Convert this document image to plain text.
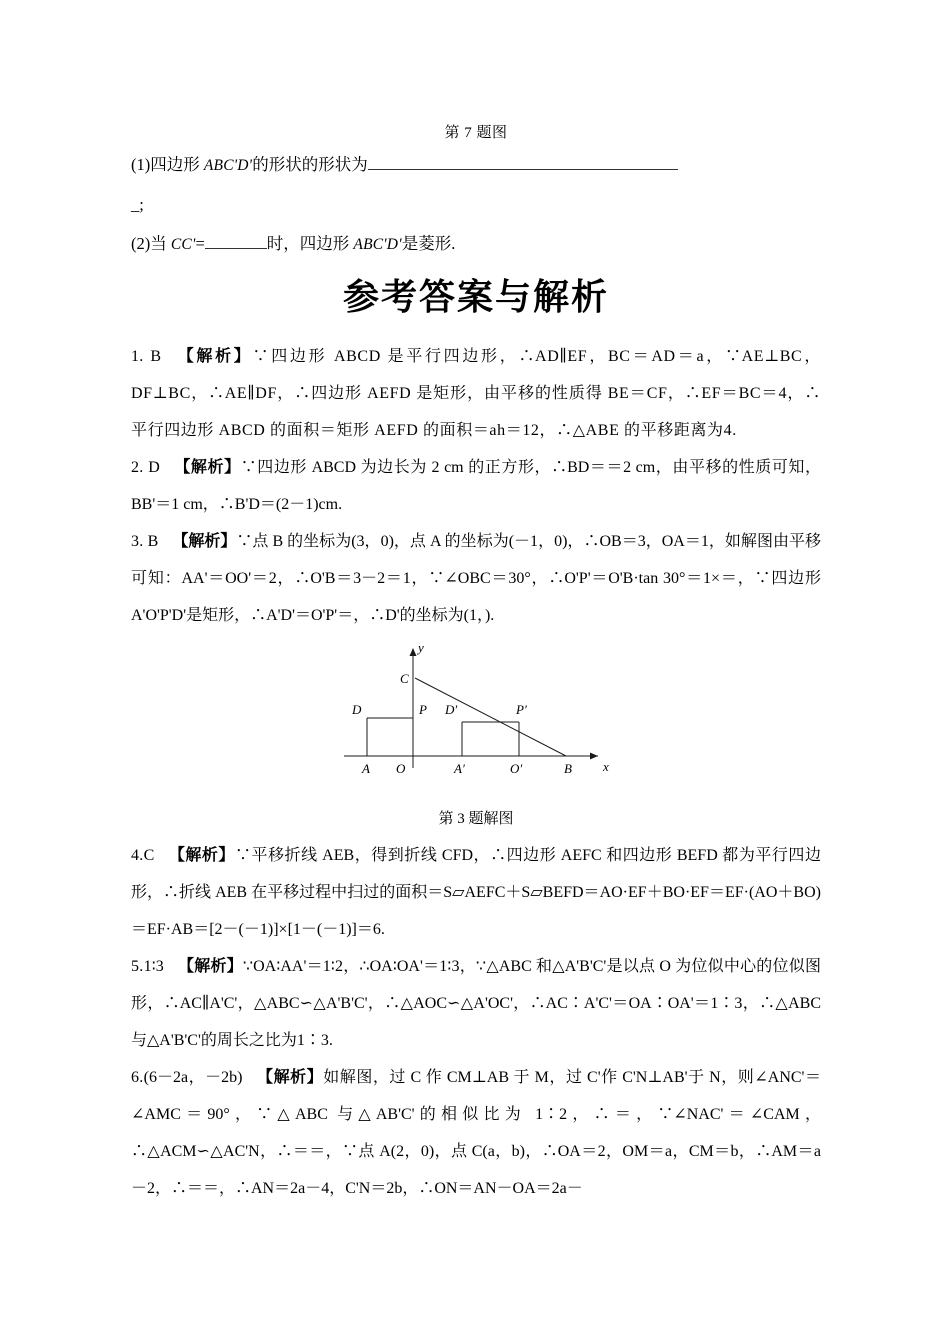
第 7 题图
(1)四边形 ABC'D'的形状的形状为
_;
(2)当 CC'=	时，四边形 ABC'D'是菱形.
参考答案与解析

1. B 【解析】∵四边形 ABCD 是平行四边形，∴AD∥EF，BC＝AD＝a，∵AE⊥BC，DF⊥BC，∴AE∥DF，∴四边形 AEFD 是矩形，由平移的性质得 BE＝CF，∴EF＝BC＝4，∴平行四边形 ABCD 的面积＝矩形 AEFD 的面积＝ah＝12，∴△ABE 的平移距离为4.

2. D 【解析】∵四边形 ABCD 为边长为 2 cm 的正方形，∴BD＝＝2 cm，由平移的性质可知，BB'＝1 cm，∴B'D＝(2－1)cm.

3. B 【解析】∵点 B 的坐标为(3，0)，点 A 的坐标为(－1，0)，∴OB＝3，OA＝1，如解图由平移可知：AA'＝OO'＝2，∴O'B＝3－2＝1，∵∠OBC＝30°，∴O'P'＝O'B·tan 30°＝1×＝，∵四边形 A'O'P'D'是矩形，∴A'D'＝O'P'＝，∴D'的坐标为(1，).

x
y
C
D	P D′	P′
A O	A′	O′	B
第 3 题解图

4.C 【解析】∵平移折线 AEB，得到折线 CFD，∴四边形 AEFC 和四边形 BEFD 都为平行四边形，∴折线 AEB 在平移过程中扫过的面积＝S▱AEFC＋S▱BEFD＝AO·EF＋BO·EF＝EF·(AO＋BO)＝EF·AB＝[2－(－1)]×[1－(－1)]＝6.

5.1∶3 【解析】∵OA∶AA'＝1∶2，∴OA∶OA'＝1∶3，∵△ABC 和△A'B'C'是以点 O 为位似中心的位似图形，∴AC∥A'C'，△ABC∽△A'B'C'，∴△AOC∽△A'OC'，∴AC∶A'C'＝OA∶OA'＝1∶3，∴△ABC 与△A'B'C'的周长之比为1∶3.

6.(6－2a，－2b) 【解析】如解图，过 C 作 CM⊥AB 于 M，过 C'作 C'N⊥AB'于 N，则∠ANC'＝∠AMC＝90°，∵△ABC 与△AB'C'的相似比为 1∶2，∴＝，∵∠NAC'＝∠CAM，∴△ACM∽△AC'N，∴＝＝，∵点 A(2，0)，点 C(a，b)，∴OA＝2，OM＝a，CM＝b，∴AM＝a－2，∴＝＝，∴AN＝2a－4，C'N＝2b，∴ON＝AN－OA＝2a－
